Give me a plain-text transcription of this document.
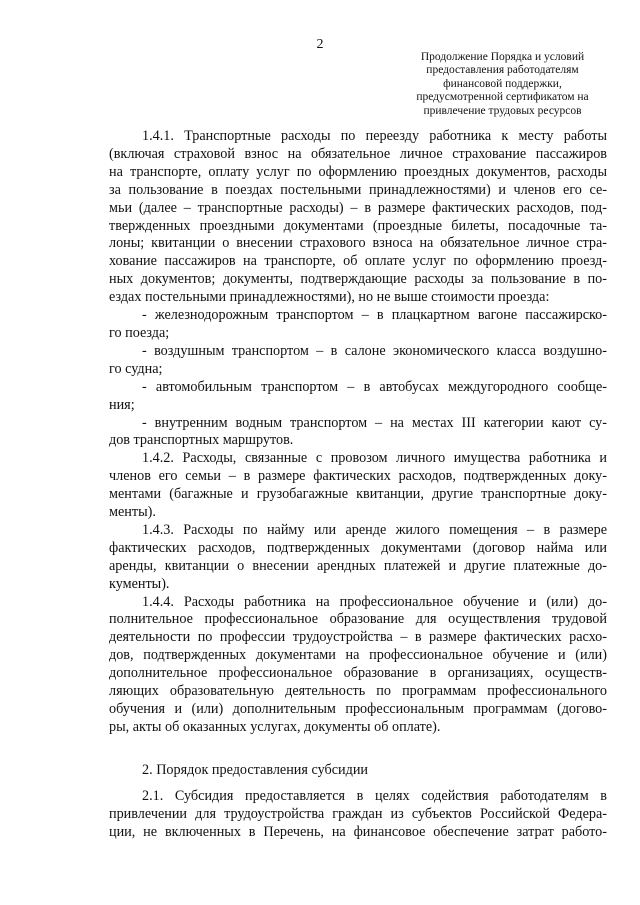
2
Продолжение Порядка и условий
предоставления работодателям
финансовой поддержки,
предусмотренной сертификатом на
привлечение трудовых ресурсов
1.4.1. Транспортные расходы по переезду работника к месту работы
(включая страховой взнос на обязательное личное страхование пассажиров
на транспорте, оплату услуг по оформлению проездных документов, расходы
за пользование в поездах постельными принадлежностями) и членов его се-
мьи (далее – транспортные расходы) – в размере фактических расходов, под-
твержденных проездными документами (проездные билеты, посадочные та-
лоны; квитанции о внесении страхового взноса на обязательное личное стра-
хование пассажиров на транспорте, об оплате услуг по оформлению проезд-
ных документов; документы, подтверждающие расходы за пользование в по-
ездах постельными принадлежностями), но не выше стоимости проезда:
- железнодорожным транспортом – в плацкартном вагоне пассажирско-
го поезда;
- воздушным транспортом – в салоне экономического класса воздушно-
го судна;
- автомобильным транспортом – в автобусах междугородного сообще-
ния;
- внутренним водным транспортом – на местах III категории кают су-
дов транспортных маршрутов.
1.4.2. Расходы, связанные с провозом личного имущества работника и
членов его семьи – в размере фактических расходов, подтвержденных доку-
ментами (багажные и грузобагажные квитанции, другие транспортные доку-
менты).
1.4.3. Расходы по найму или аренде жилого помещения – в размере
фактических расходов, подтвержденных документами (договор найма или
аренды, квитанции о внесении арендных платежей и другие платежные до-
кументы).
1.4.4. Расходы работника на профессиональное обучение и (или) до-
полнительное профессиональное образование для осуществления трудовой
деятельности по профессии трудоустройства – в размере фактических расхо-
дов, подтвержденных документами на профессиональное обучение и (или)
дополнительное профессиональное образование в организациях, осуществ-
ляющих образовательную деятельность по программам профессионального
обучения и (или) дополнительным профессиональным программам (догово-
ры, акты об оказанных услугах, документы об оплате).
2. Порядок предоставления субсидии
2.1. Субсидия предоставляется в целях содействия работодателям в
привлечении для трудоустройства граждан из субъектов Российской Федера-
ции, не включенных в Перечень, на финансовое обеспечение затрат работо-
